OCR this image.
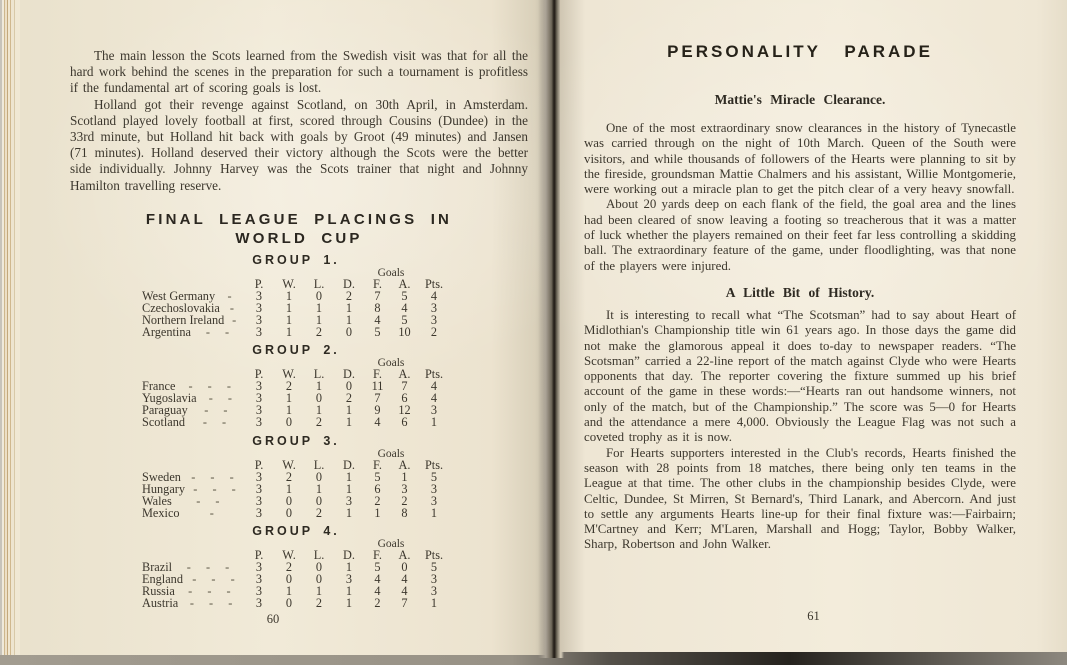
The main lesson the Scots learned from the Swedish visit was that for all the hard work behind the scenes in the preparation for such a tournament is profitless if the fundamental art of scoring goals is lost.

Holland got their revenge against Scotland, on 30th April, in Amsterdam. Scotland played lovely football at first, scored through Cousins (Dundee) in the 33rd minute, but Holland hit back with goals by Groot (49 minutes) and Jansen (71 minutes). Holland deserved their victory although the Scots were the better side individually. Johnny Harvey was the Scots trainer that night and Johnny Hamilton travelling reserve.

FINAL LEAGUE PLACINGS IN
WORLD CUP
GROUP 1.
Goals
P.	W.	L.	D.	F.	A.	Pts.
West Germany	-	3	1	0	2	7	5	4
Czechoslovakia -	3	1	1	1	8	4	3
Northern Ireland -	3	1	1	1	4	5	3
Argentina	- -	3	1	2	0	5	10	2
GROUP 2.
Goals
P.	W.	L.	D.	F.	A.	Pts.
France	- - -	3	2	1	0	11	7	4
Yugoslavia - -	3	1	0	2	7	6	4
Paraguay	- -	3	1	1	1	9	12	3
Scotland	- -	3	0	2	1	4	6	1
GROUP 3.
Goals
P.	W.	L.	D.	F.	A.	Pts.
Sweden - - -	3	2	0	1	5	1	5
Hungary - - -	3	1	1	1	6	3	3
Wales	- -	3	0	0	3	2	2	3
Mexico	-	3	0	2	1	1	8	1
GROUP 4.
Goals
P.	W.	L.	D.	F.	A.	Pts.
Brazil	- - -	3	2	0	1	5	0	5
England - - -	3	0	0	3	4	4	3
Russia	- - -	3	1	1	1	4	4	3
Austria - - -	3	0	2	1	2	7	1
60
PERSONALITY PARADE
Mattie's Miracle Clearance.

One of the most extraordinary snow clearances in the history of Tynecastle was carried through on the night of 10th March. Queen of the South were visitors, and while thousands of followers of the Hearts were planning to sit by the fireside, groundsman Mattie Chalmers and his assistant, Willie Montgomerie, were working out a miracle plan to get the pitch clear of a very heavy snowfall.

About 20 yards deep on each flank of the field, the goal area and the lines had been cleared of snow leaving a footing so treacherous that it was a matter of luck whether the players remained on their feet far less controlling a skidding ball. The extraordinary feature of the game, under floodlighting, was that none of the players were injured.

A Little Bit of History.

It is interesting to recall what “The Scotsman” had to say about Heart of Midlothian's Championship title win 61 years ago. In those days the game did not make the glamorous appeal it does to-day to newspaper readers. “The Scotsman” carried a 22-line report of the match against Clyde who were Hearts opponents that day. The reporter covering the fixture summed up his brief account of the game in these words:—“Hearts ran out handsome winners, not only of the match, but of the Championship.” The score was 5—0 for Hearts and the attendance a mere 4,000. Obviously the League Flag was not such a coveted trophy as it is now.

For Hearts supporters interested in the Club's records, Hearts finished the season with 28 points from 18 matches, there being only ten teams in the League at that time. The other clubs in the championship besides Clyde, were Celtic, Dundee, St Mirren, St Bernard's, Third Lanark, and Abercorn. And just to settle any arguments Hearts line-up for their final fixture was:—Fairbairn; M'Cartney and Kerr; M'Laren, Marshall and Hogg; Taylor, Bobby Walker, Sharp, Robertson and John Walker.

61
